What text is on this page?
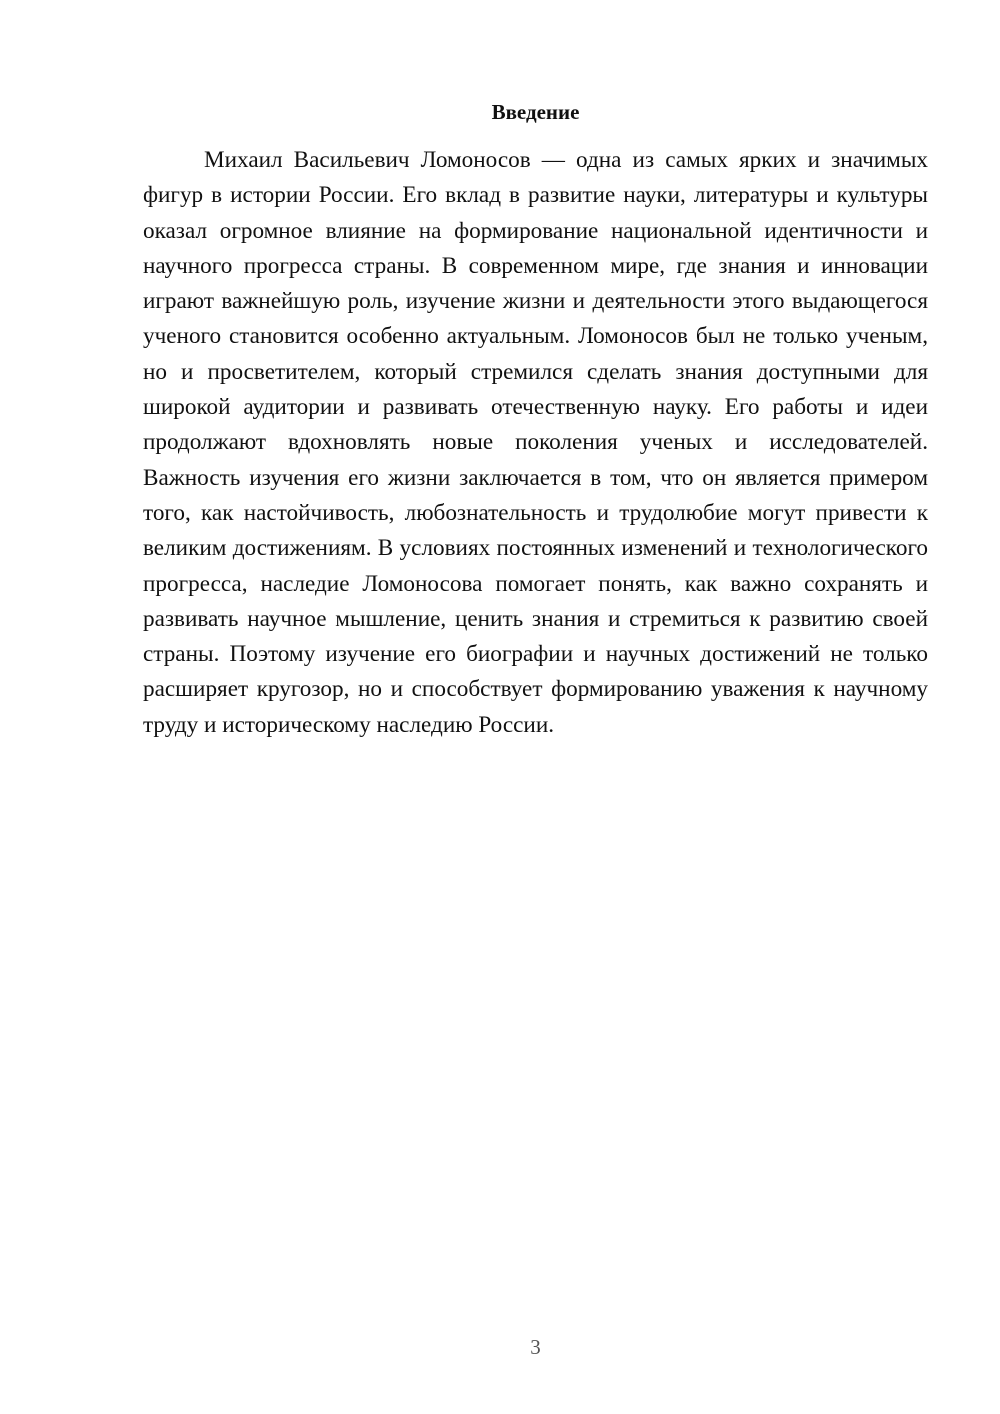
Введение

Михаил Васильевич Ломоносов — одна из самых ярких и значимых фигур в истории России. Его вклад в развитие науки, литературы и культуры оказал огромное влияние на формирование национальной идентичности и научного прогресса страны. В современном мире, где знания и инновации играют важнейшую роль, изучение жизни и деятельности этого выдающегося ученого становится особенно актуальным. Ломоносов был не только ученым, но и просветителем, который стремился сделать знания доступными для широкой аудитории и развивать отечественную науку. Его работы и идеи продолжают вдохновлять новые поколения ученых и исследователей. Важность изучения его жизни заключается в том, что он является примером того, как настойчивость, любознательность и трудолюбие могут привести к великим достижениям. В условиях постоянных изменений и технологического прогресса, наследие Ломоносова помогает понять, как важно сохранять и развивать научное мышление, ценить знания и стремиться к развитию своей страны. Поэтому изучение его биографии и научных достижений не только расширяет кругозор, но и способствует формированию уважения к научному труду и историческому наследию России.

3
